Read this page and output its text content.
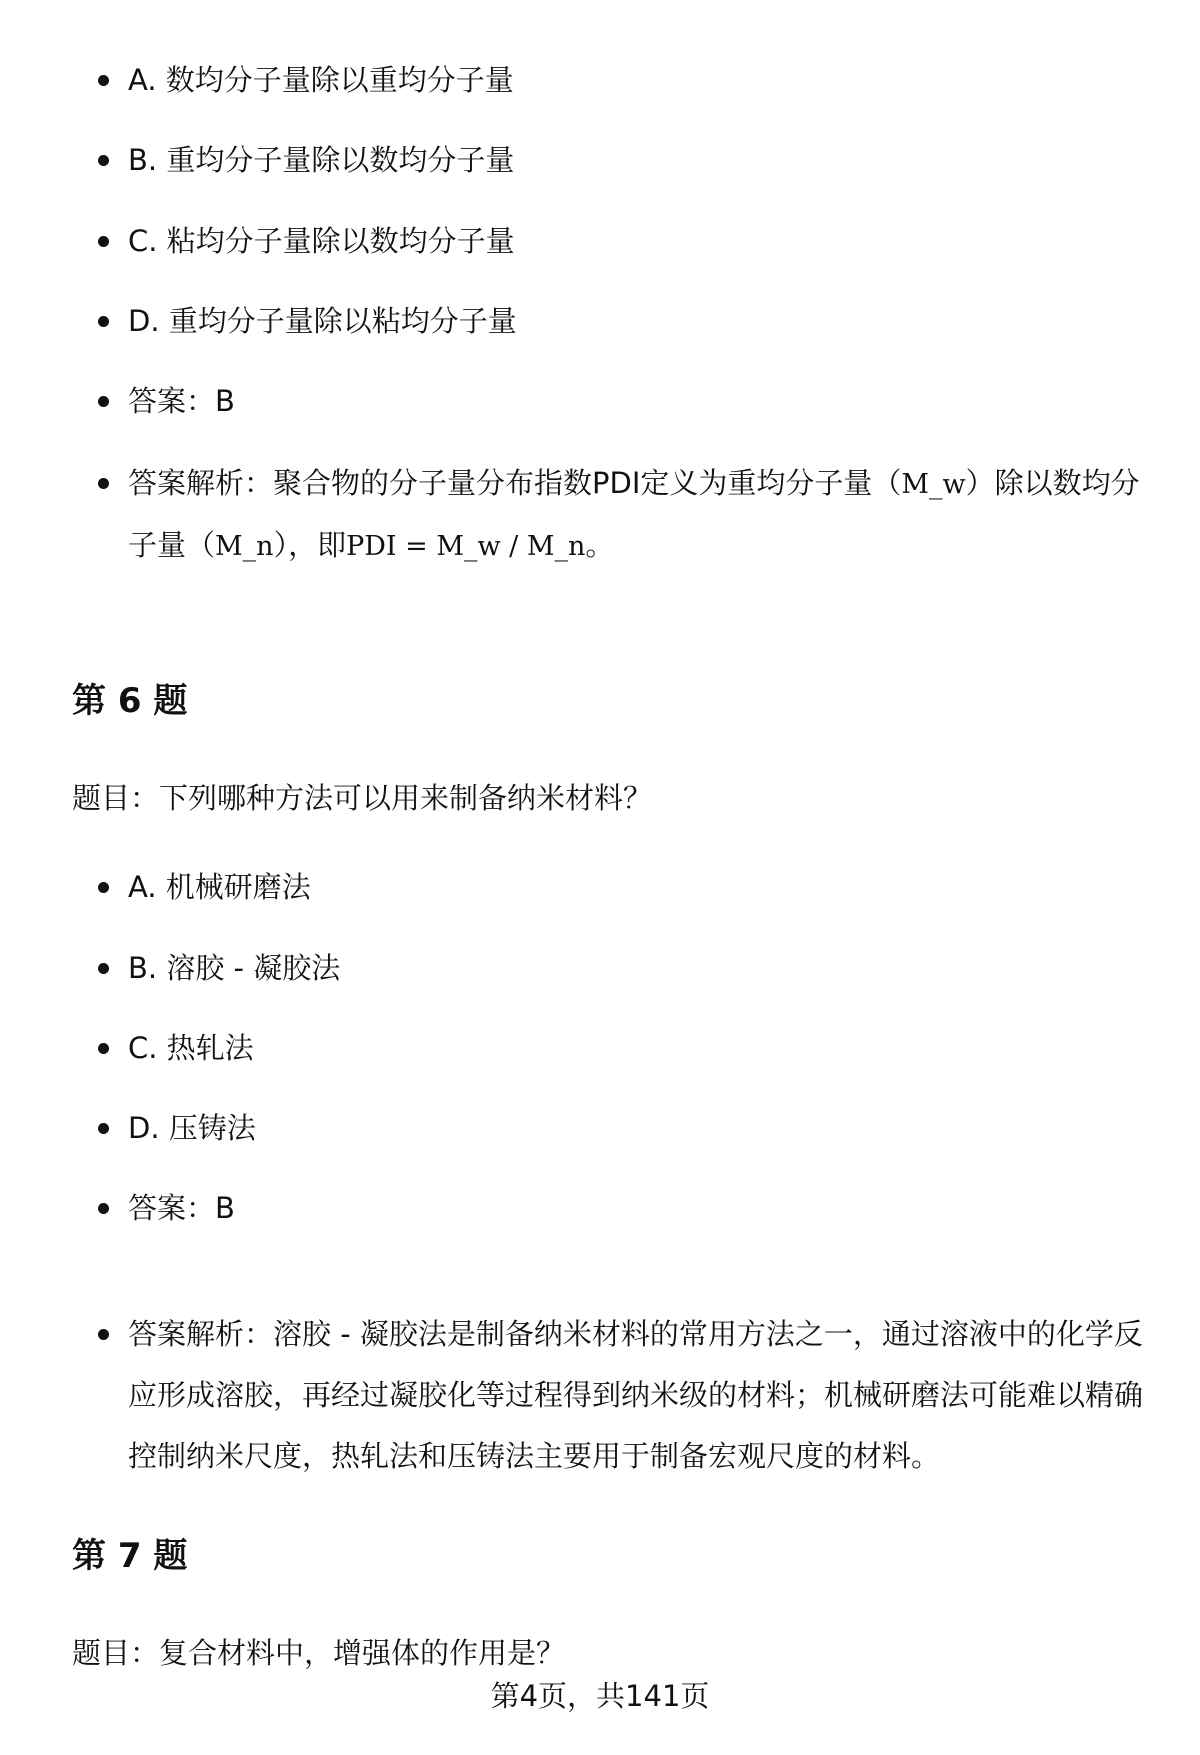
A. 数均分子量除以重均分子量
B. 重均分子量除以数均分子量
C. 粘均分子量除以数均分子量
D. 重均分子量除以粘均分子量
答案：B
答案解析：聚合物的分子量分布指数PDI定义为重均分子量（M_w）除以数均分子量（M_n），即PDI = M_w / M_n。
第 6 题
题目：下列哪种方法可以用来制备纳米材料？
A. 机械研磨法
B. 溶胶 - 凝胶法
C. 热轧法
D. 压铸法
答案：B
答案解析：溶胶 - 凝胶法是制备纳米材料的常用方法之一，通过溶液中的化学反应形成溶胶，再经过凝胶化等过程得到纳米级的材料；机械研磨法可能难以精确控制纳米尺度，热轧法和压铸法主要用于制备宏观尺度的材料。
第 7 题
题目：复合材料中，增强体的作用是？
第4页，共141页
